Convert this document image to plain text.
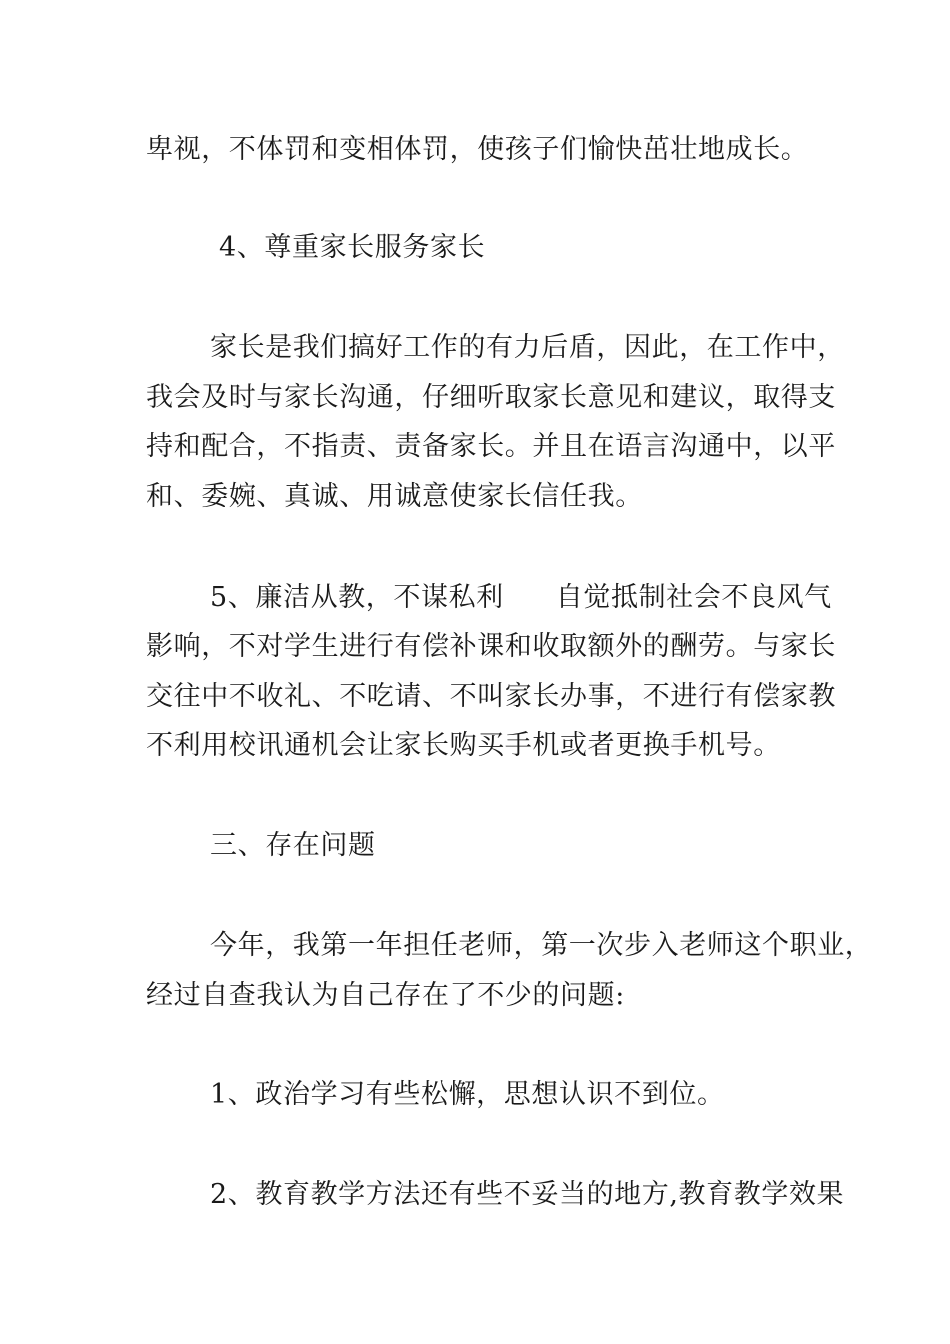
卑视，不体罚和变相体罚，使孩子们愉快茁壮地成长。
4、尊重家长服务家长
家长是我们搞好工作的有力后盾，因此，在工作中，
我会及时与家长沟通，仔细听取家长意见和建议，取得支
持和配合，不指责、责备家长。并且在语言沟通中，以平
和、委婉、真诚、用诚意使家长信任我。
5、廉洁从教，不谋私利 自觉抵制社会不良风气
影响，不对学生进行有偿补课和收取额外的酬劳。与家长
交往中不收礼、不吃请、不叫家长办事，不进行有偿家教
不利用校讯通机会让家长购买手机或者更换手机号。
三、存在问题
今年，我第一年担任老师，第一次步入老师这个职业，
经过自查我认为自己存在了不少的问题:
1、政治学习有些松懈，思想认识不到位。
2、教育教学方法还有些不妥当的地方,教育教学效果
